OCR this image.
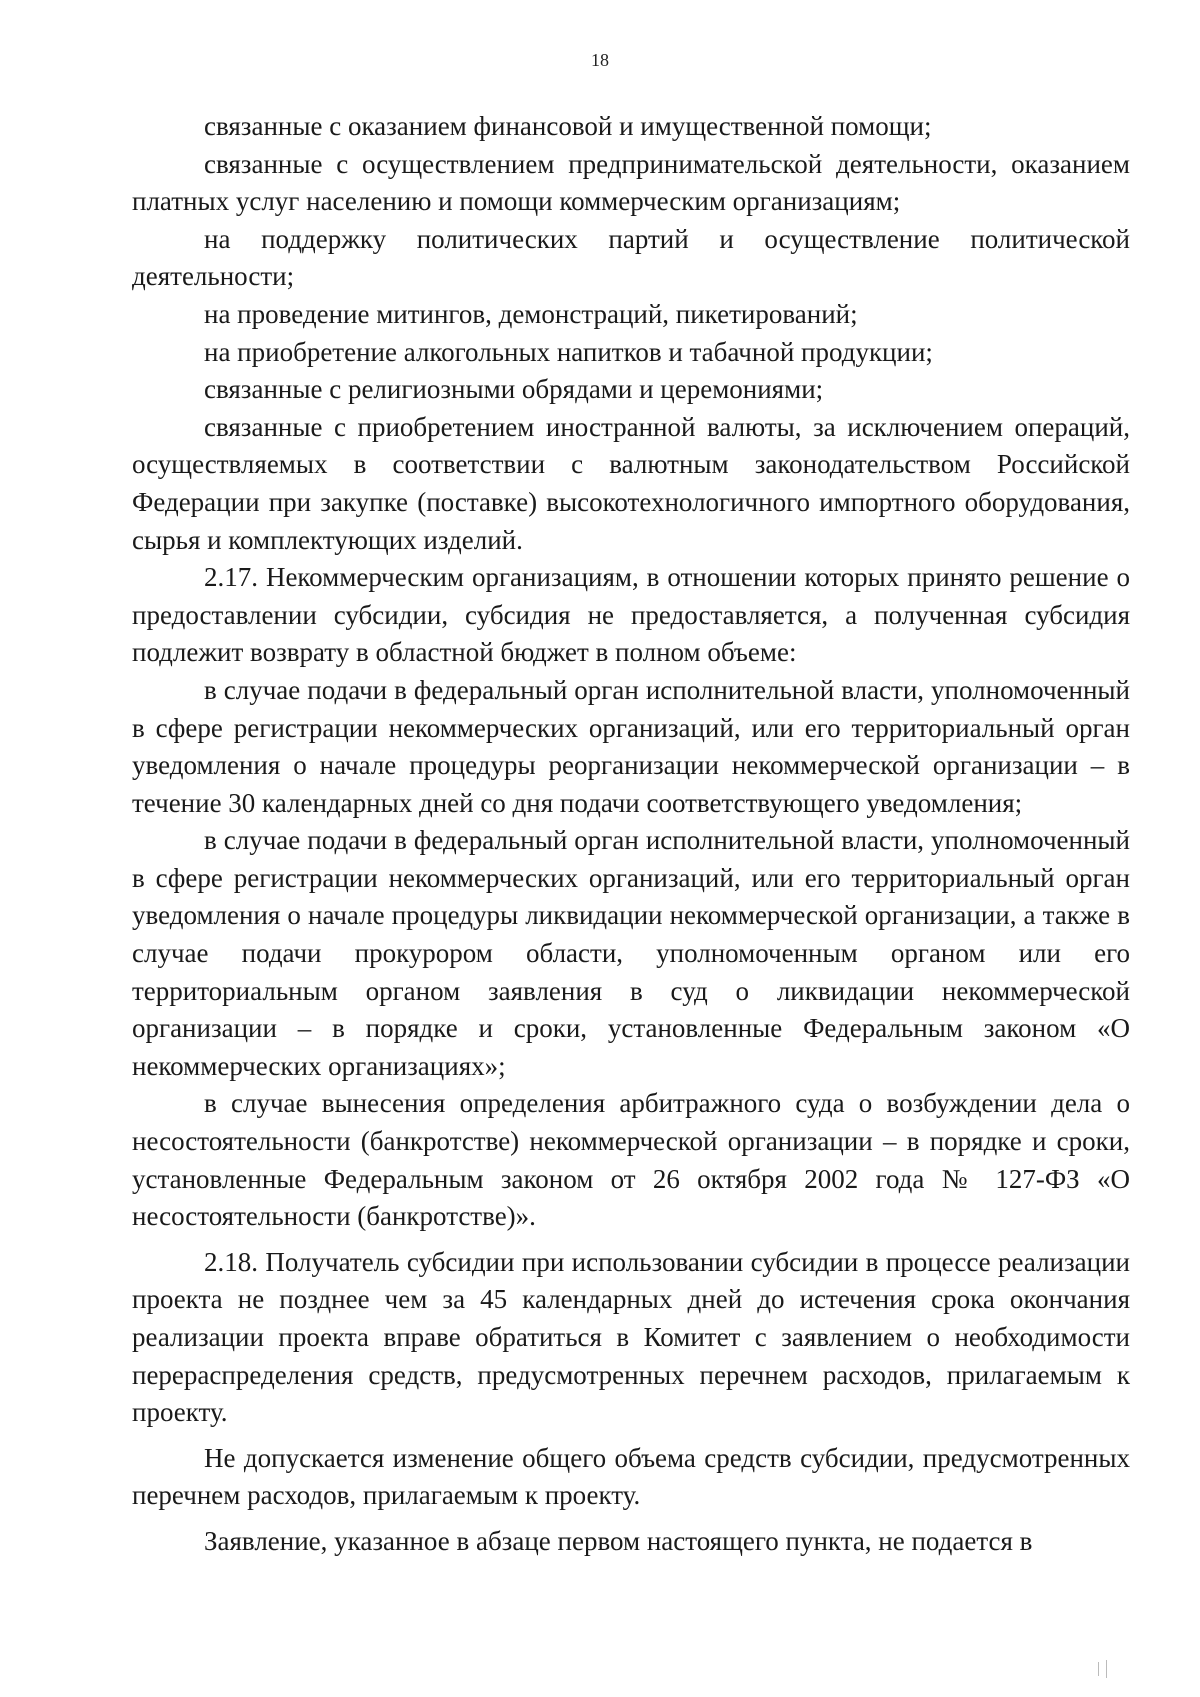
18

связанные с оказанием финансовой и имущественной помощи;

связанные с осуществлением предпринимательской деятельности, оказанием платных услуг населению и помощи коммерческим организациям;

на поддержку политических партий и осуществление политической деятельности;

на проведение митингов, демонстраций, пикетирований;

на приобретение алкогольных напитков и табачной продукции;

связанные с религиозными обрядами и церемониями;

связанные с приобретением иностранной валюты, за исключением операций, осуществляемых в соответствии с валютным законодательством Российской Федерации при закупке (поставке) высокотехнологичного импортного оборудования, сырья и комплектующих изделий.

2.17. Некоммерческим организациям, в отношении которых принято решение о предоставлении субсидии, субсидия не предоставляется, а полученная субсидия подлежит возврату в областной бюджет в полном объеме:

в случае подачи в федеральный орган исполнительной власти, уполномоченный в сфере регистрации некоммерческих организаций, или его территориальный орган уведомления о начале процедуры реорганизации некоммерческой организации – в течение 30 календарных дней со дня подачи соответствующего уведомления;

в случае подачи в федеральный орган исполнительной власти, уполномоченный в сфере регистрации некоммерческих организаций, или его территориальный орган уведомления о начале процедуры ликвидации некоммерческой организации, а также в случае подачи прокурором области, уполномоченным органом или его территориальным органом заявления в суд о ликвидации некоммерческой организации – в порядке и сроки, установленные Федеральным законом «О некоммерческих организациях»;

в случае вынесения определения арбитражного суда о возбуждении дела о несостоятельности (банкротстве) некоммерческой организации – в порядке и сроки, установленные Федеральным законом от 26 октября 2002 года № 127-ФЗ «О несостоятельности (банкротстве)».

2.18. Получатель субсидии при использовании субсидии в процессе реализации проекта не позднее чем за 45 календарных дней до истечения срока окончания реализации проекта вправе обратиться в Комитет с заявлением о необходимости перераспределения средств, предусмотренных перечнем расходов, прилагаемым к проекту.

Не допускается изменение общего объема средств субсидии, предусмотренных перечнем расходов, прилагаемым к проекту.

Заявление, указанное в абзаце первом настоящего пункта, не подается в
